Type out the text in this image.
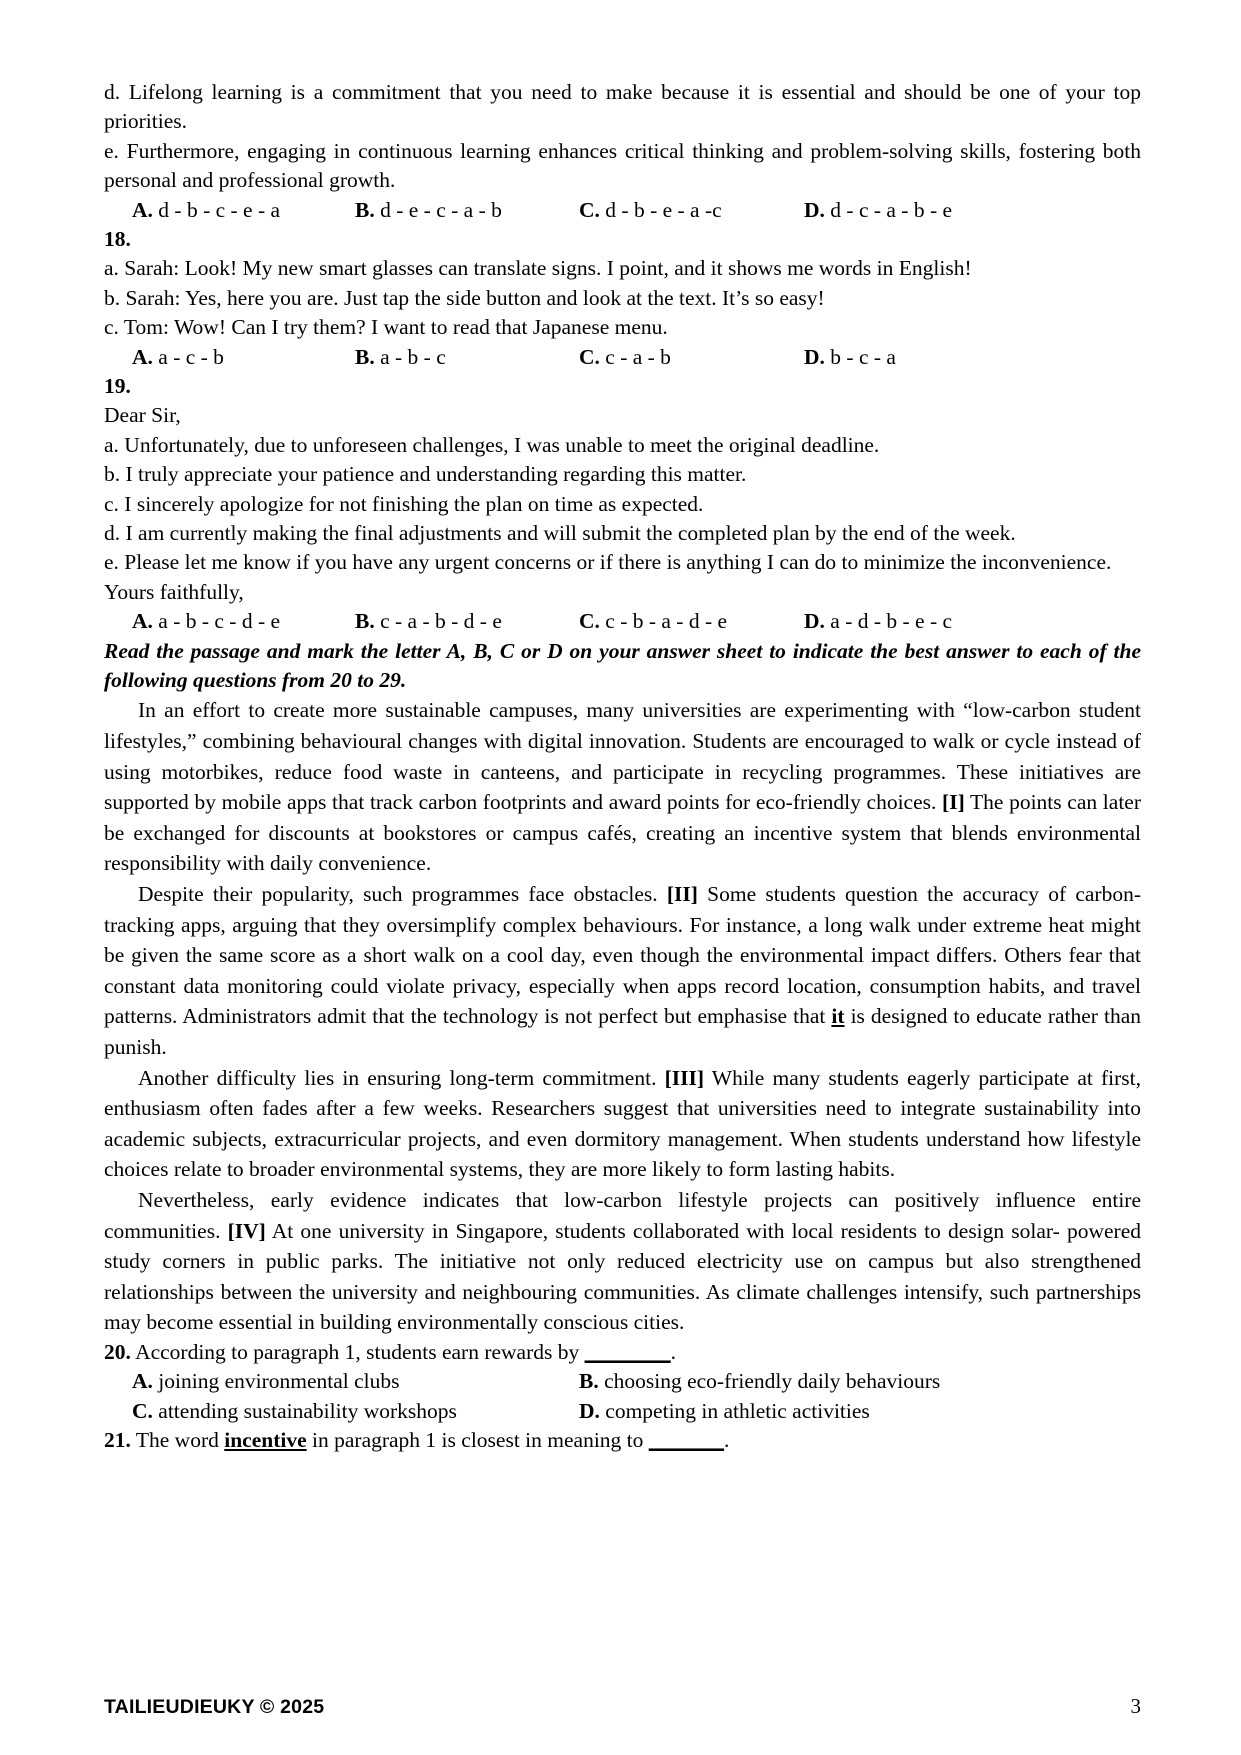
d. Lifelong learning is a commitment that you need to make because it is essential and should be one of your top priorities.

e. Furthermore, engaging in continuous learning enhances critical thinking and problem-solving skills, fostering both personal and professional growth.

A. d - b - c - e - a	B. d - e - c - a - b	C. d - b - e - a -c	D. d - c - a - b - e

18.

a. Sarah: Look! My new smart glasses can translate signs. I point, and it shows me words in English!

b. Sarah: Yes, here you are. Just tap the side button and look at the text. It’s so easy!

c. Tom: Wow! Can I try them? I want to read that Japanese menu.

A. a - c - b	B. a - b - c	C. c - a - b	D. b - c - a

19.

Dear Sir,

a. Unfortunately, due to unforeseen challenges, I was unable to meet the original deadline.

b. I truly appreciate your patience and understanding regarding this matter.

c. I sincerely apologize for not finishing the plan on time as expected.

d. I am currently making the final adjustments and will submit the completed plan by the end of the week.

e. Please let me know if you have any urgent concerns or if there is anything I can do to minimize the inconvenience.

Yours faithfully,

A. a - b - c - d - e	B. c - a - b - d - e	C. c - b - a - d - e	D. a - d - b - e - c

Read the passage and mark the letter A, B, C or D on your answer sheet to indicate the best answer to each of the following questions from 20 to 29.

In an effort to create more sustainable campuses, many universities are experimenting with “low-carbon student lifestyles,” combining behavioural changes with digital innovation. Students are encouraged to walk or cycle instead of using motorbikes, reduce food waste in canteens, and participate in recycling programmes. These initiatives are supported by mobile apps that track carbon footprints and award points for eco-friendly choices. [I] The points can later be exchanged for discounts at bookstores or campus cafés, creating an incentive system that blends environmental responsibility with daily convenience.

Despite their popularity, such programmes face obstacles. [II] Some students question the accuracy of carbon-tracking apps, arguing that they oversimplify complex behaviours. For instance, a long walk under extreme heat might be given the same score as a short walk on a cool day, even though the environmental impact differs. Others fear that constant data monitoring could violate privacy, especially when apps record location, consumption habits, and travel patterns. Administrators admit that the technology is not perfect but emphasise that it is designed to educate rather than punish.

Another difficulty lies in ensuring long-term commitment. [III] While many students eagerly participate at first, enthusiasm often fades after a few weeks. Researchers suggest that universities need to integrate sustainability into academic subjects, extracurricular projects, and even dormitory management. When students understand how lifestyle choices relate to broader environmental systems, they are more likely to form lasting habits.

Nevertheless, early evidence indicates that low-carbon lifestyle projects can positively influence entire communities. [IV] At one university in Singapore, students collaborated with local residents to design solar- powered study corners in public parks. The initiative not only reduced electricity use on campus but also strengthened relationships between the university and neighbouring communities. As climate challenges intensify, such partnerships may become essential in building environmentally conscious cities.

20. According to paragraph 1, students earn rewards by ________.

A. joining environmental clubs	B. choosing eco-friendly daily behaviours
C. attending sustainability workshops	D. competing in athletic activities

21. The word incentive in paragraph 1 is closest in meaning to _______.

TAILIEUDIEUKY © 2025	3
